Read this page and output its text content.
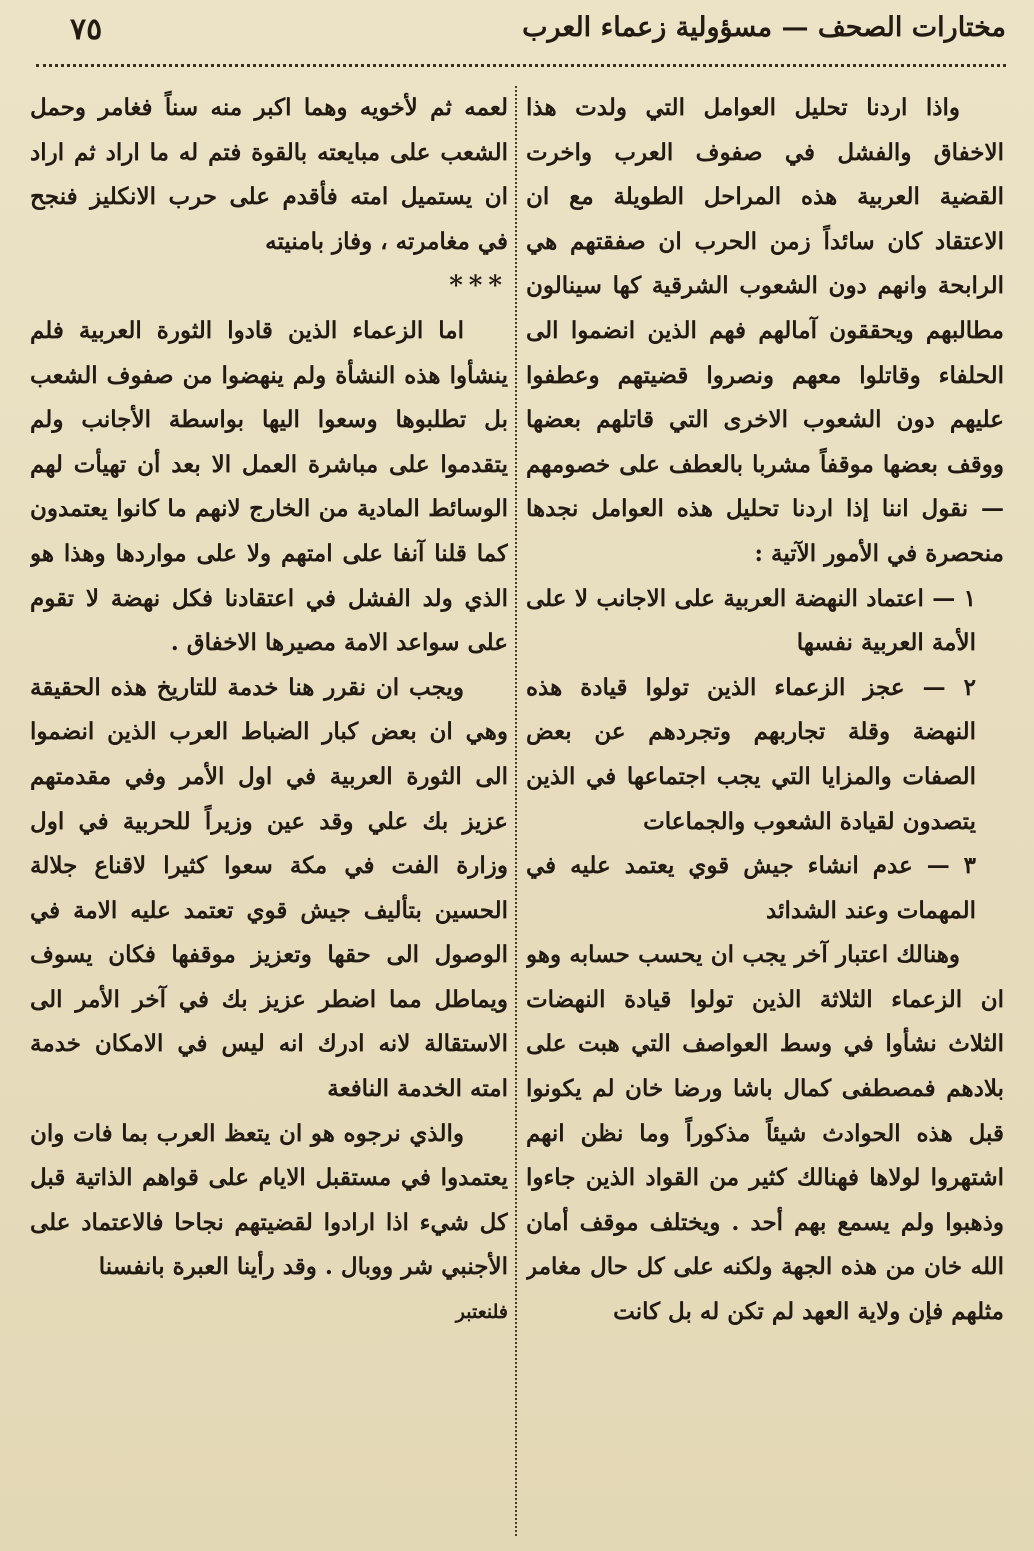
٧٥	مختارات الصحف — مسؤولية زعماء العرب

واذا اردنا تحليل العوامل التي ولدت هذا الاخفاق والفشل في صفوف العرب واخرت القضية العربية هذه المراحل الطويلة مع ان الاعتقاد كان سائداً زمن الحرب ان صفقتهم هي الرابحة وانهم دون الشعوب الشرقية كها سينالون مطالبهم ويحققون آمالهم فهم الذين انضموا الى الحلفاء وقاتلوا معهم ونصروا قضيتهم وعطفوا عليهم دون الشعوب الاخرى التي قاتلهم بعضها ووقف بعضها موقفاً مشربا بالعطف على خصومهم — نقول اننا إذا اردنا تحليل هذه العوامل نجدها منحصرة في الأمور الآتية :

١ — اعتماد النهضة العربية على الاجانب لا على الأمة العربية نفسها

٢ — عجز الزعماء الذين تولوا قيادة هذه النهضة وقلة تجاربهم وتجردهم عن بعض الصفات والمزايا التي يجب اجتماعها في الذين يتصدون لقيادة الشعوب والجماعات

٣ — عدم انشاء جيش قوي يعتمد عليه في المهمات وعند الشدائد

وهنالك اعتبار آخر يجب ان يحسب حسابه وهو ان الزعماء الثلاثة الذين تولوا قيادة النهضات الثلاث نشأوا في وسط العواصف التي هبت على بلادهم فمصطفى كمال باشا ورضا خان لم يكونوا قبل هذه الحوادث شيئاً مذكوراً وما نظن انهم اشتهروا لولاها فهنالك كثير من القواد الذين جاءوا وذهبوا ولم يسمع بهم أحد . ويختلف موقف أمان الله خان من هذه الجهة ولكنه على كل حال مغامر مثلهم فإن ولاية العهد لم تكن له بل كانت

لعمه ثم لأخويه وهما اكبر منه سناً فغامر وحمل الشعب على مبايعته بالقوة فتم له ما اراد ثم اراد ان يستميل امته فأقدم على حرب الانكليز فنجح في مغامرته ، وفاز بامنيته

***

اما الزعماء الذين قادوا الثورة العربية فلم ينشأوا هذه النشأة ولم ينهضوا من صفوف الشعب بل تطلبوها وسعوا اليها بواسطة الأجانب ولم يتقدموا على مباشرة العمل الا بعد أن تهيأت لهم الوسائط المادية من الخارج لانهم ما كانوا يعتمدون كما قلنا آنفا على امتهم ولا على مواردها وهذا هو الذي ولد الفشل في اعتقادنا فكل نهضة لا تقوم على سواعد الامة مصيرها الاخفاق .

ويجب ان نقرر هنا خدمة للتاريخ هذه الحقيقة وهي ان بعض كبار الضباط العرب الذين انضموا الى الثورة العربية في اول الأمر وفي مقدمتهم عزيز بك علي وقد عين وزيراً للحربية في اول وزارة الفت في مكة سعوا كثيرا لاقناع جلالة الحسين بتأليف جيش قوي تعتمد عليه الامة في الوصول الى حقها وتعزيز موقفها فكان يسوف ويماطل مما اضطر عزيز بك في آخر الأمر الى الاستقالة لانه ادرك انه ليس في الامكان خدمة امته الخدمة النافعة

والذي نرجوه هو ان يتعظ العرب بما فات وان يعتمدوا في مستقبل الايام على قواهم الذاتية قبل كل شيء اذا ارادوا لقضيتهم نجاحا فالاعتماد على الأجنبي شر ووبال . وقد رأينا العبرة بانفسنا

فلنعتبر
